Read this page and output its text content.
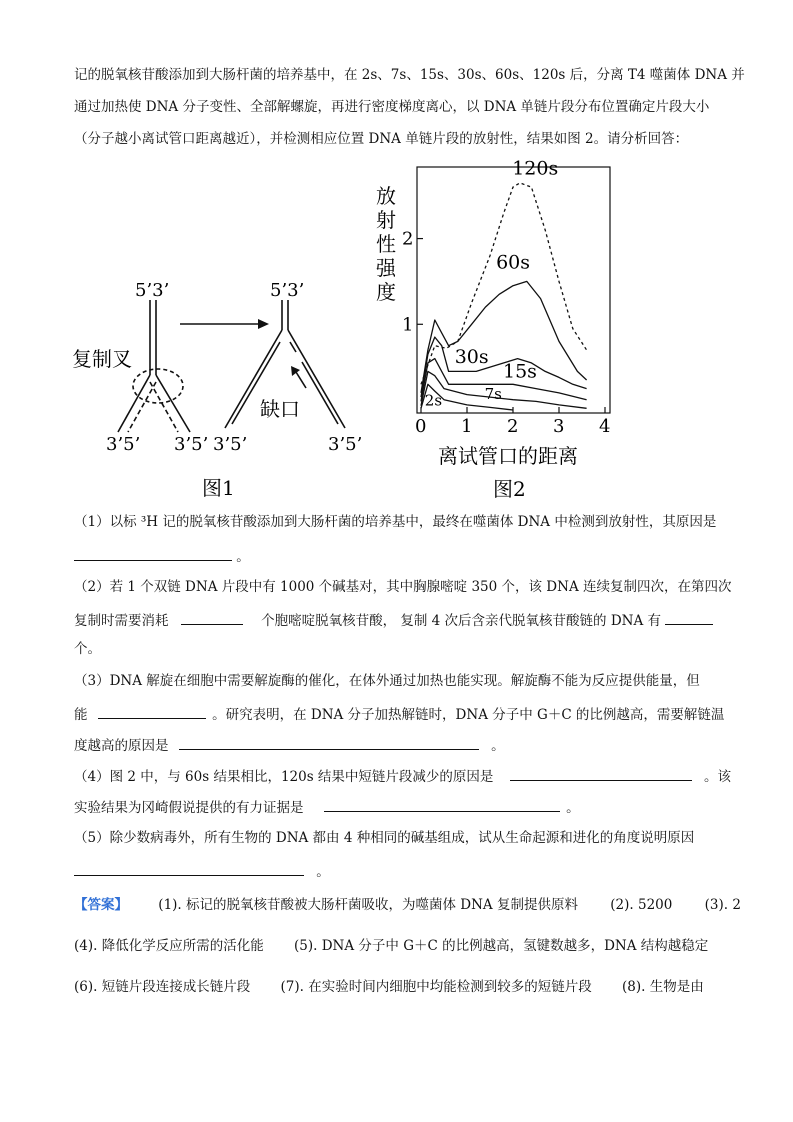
记的脱氧核苷酸添加到大肠杆菌的培养基中，在 2s、7s、15s、30s、60s、120s 后，分离 T4 噬菌体 DNA 并
通过加热使 DNA 分子变性、全部解螺旋，再进行密度梯度离心，以 DNA 单链片段分布位置确定片段大小
（分子越小离试管口距离越近），并检测相应位置 DNA 单链片段的放射性，结果如图 2。请分析回答：
5’3’	5’3’
复制叉
缺口
3’5’ 3’5’ 3’5’	3’5’
图1
放
射
性
强
度
1
2
0 1 2 3 4
120s
60s
30s
15s
7s
2s
离试管口的距离
图2
（1）以标 ³H 记的脱氧核苷酸添加到大肠杆菌的培养基中，最终在噬菌体 DNA 中检测到放射性，其原因是
。
（2）若 1 个双链 DNA 片段中有 1000 个碱基对，其中胸腺嘧啶 350 个，该 DNA 连续复制四次，在第四次
复制时需要消耗	个胞嘧啶脱氧核苷酸， 复制 4 次后含亲代脱氧核苷酸链的 DNA 有
个。
（3）DNA 解旋在细胞中需要解旋酶的催化，在体外通过加热也能实现。解旋酶不能为反应提供能量，但
能	。研究表明，在 DNA 分子加热解链时，DNA 分子中 G＋C 的比例越高，需要解链温
度越高的原因是	。
（4）图 2 中，与 60s 结果相比，120s 结果中短链片段减少的原因是	。该
实验结果为冈崎假说提供的有力证据是	。
（5）除少数病毒外，所有生物的 DNA 都由 4 种相同的碱基组成，试从生命起源和进化的角度说明原因
。
【答案】 (1). 标记的脱氧核苷酸被大肠杆菌吸收，为噬菌体 DNA 复制提供原料 (2). 5200 (3). 2
(4). 降低化学反应所需的活化能 (5). DNA 分子中 G＋C 的比例越高，氢键数越多，DNA 结构越稳定
(6). 短链片段连接成长链片段 (7). 在实验时间内细胞中均能检测到较多的短链片段 (8). 生物是由
